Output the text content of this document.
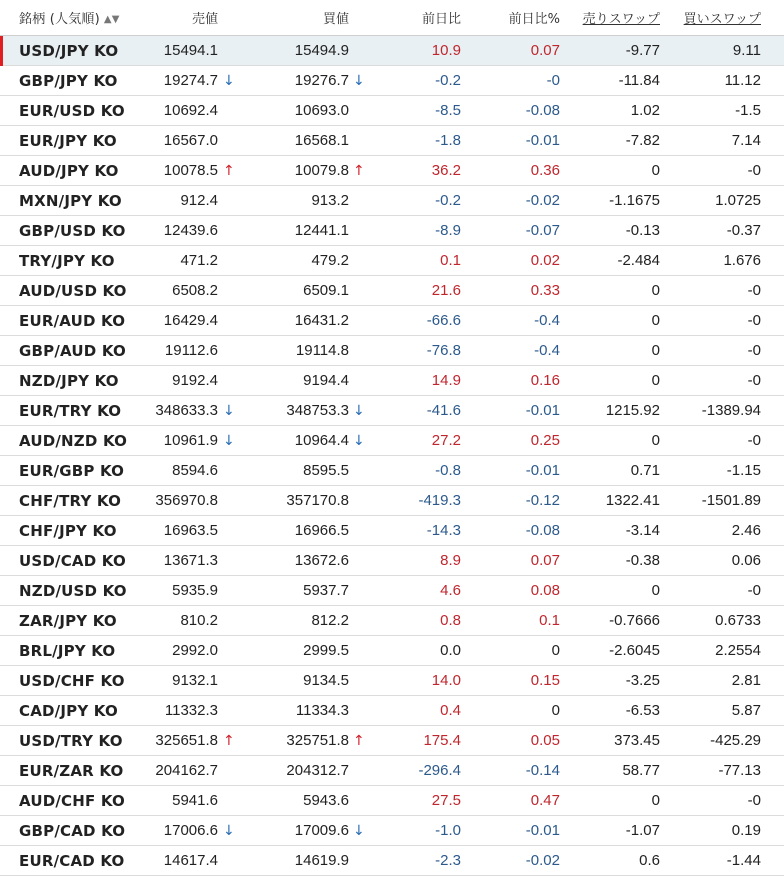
銘柄 (人気順) ▲▼	売値	買値	前日比	前日比% 売りスワップ 買いスワップ
USD/JPY KO	15494.1	15494.9	10.9	0.07	-9.77	9.11
GBP/JPY KO	19274.7	19276.7	-0.2	-0	-11.84	11.12
↓	↓
EUR/USD KO	10692.4	10693.0	-8.5	-0.08	1.02	-1.5
EUR/JPY KO	16567.0	16568.1	-1.8	-0.01	-7.82	7.14
AUD/JPY KO	10078.5	10079.8	36.2	0.36	0	-0
↑	↑
MXN/JPY KO	912.4	913.2	-0.2	-0.02	-1.1675	1.0725
GBP/USD KO	12439.6	12441.1	-8.9	-0.07	-0.13	-0.37
TRY/JPY KO	471.2	479.2	0.1	0.02	-2.484	1.676
AUD/USD KO	6508.2	6509.1	21.6	0.33	0	-0
EUR/AUD KO	16429.4	16431.2	-66.6	-0.4	0	-0
GBP/AUD KO	19112.6	19114.8	-76.8	-0.4	0	-0
NZD/JPY KO	9192.4	9194.4	14.9	0.16	0	-0
EUR/TRY KO 348633.3	348753.3	-41.6	-0.01	1215.92	-1389.94
↓	↓
AUD/NZD KO 10961.9	10964.4	27.2	0.25	0	-0
↓	↓
EUR/GBP KO	8594.6	8595.5	-0.8	-0.01	0.71	-1.15
CHF/TRY KO 356970.8	357170.8	-419.3	-0.12	1322.41	-1501.89
CHF/JPY KO	16963.5	16966.5	-14.3	-0.08	-3.14	2.46
USD/CAD KO	13671.3	13672.6	8.9	0.07	-0.38	0.06
NZD/USD KO	5935.9	5937.7	4.6	0.08	0	-0
ZAR/JPY KO	810.2	812.2	0.8	0.1	-0.7666	0.6733
BRL/JPY KO	2992.0	2999.5	0.0	0	-2.6045	2.2554
USD/CHF KO	9132.1	9134.5	14.0	0.15	-3.25	2.81
CAD/JPY KO	11332.3	11334.3	0.4	0	-6.53	5.87
USD/TRY KO 325651.8	325751.8	175.4	0.05	373.45	-425.29
↑	↑
EUR/ZAR KO 204162.7	204312.7	-296.4	-0.14	58.77	-77.13
AUD/CHF KO	5941.6	5943.6	27.5	0.47	0	-0
GBP/CAD KO	17006.6	17009.6	-1.0	-0.01	-1.07	0.19
↓	↓
EUR/CAD KO	14617.4	14619.9	-2.3	-0.02	0.6	-1.44
